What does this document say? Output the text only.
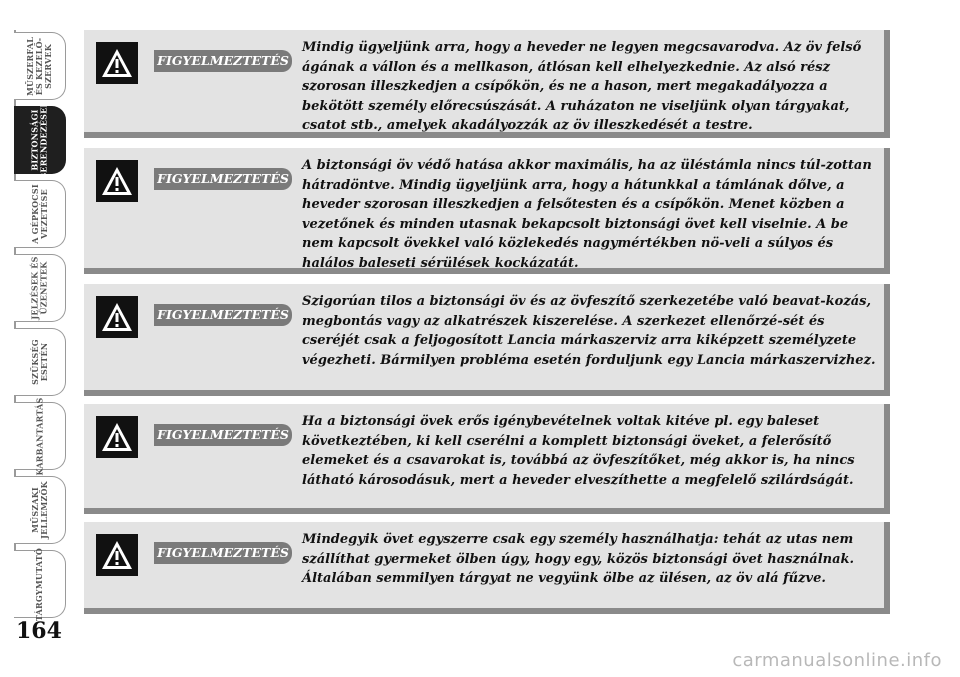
MŰSZERFAL
ÉS KEZELŐ-
SZERVEK
BIZTONSÁGI
BERENDEZÉSEK
A GÉPKOCSI
VEZETÉSE
JELZÉSEK ÉS
ÜZENETEK
SZÜKSÉG
ESETÉN
KARBANTARTÁS
MŰSZAKI
JELLEMZŐK
TÁRGYMUTATÓ
FIGYELMEZTETÉS

Mindig ügyeljünk arra, hogy a heveder ne legyen megcsavarodva. Az öv felső ágának a vállon és a mellkason, átlósan kell elhelyezkednie. Az alsó rész szorosan illeszkedjen a csípőkön, és ne a hason, mert megakadályozza a bekötött személy előrecsúszását. A ruházaton ne viseljünk olyan tárgyakat, csatot stb., amelyek akadályozzák az öv illeszkedését a testre.

FIGYELMEZTETÉS

A biztonsági öv védő hatása akkor maximális, ha az üléstámla nincs túl-zottan hátradöntve. Mindig ügyeljünk arra, hogy a hátunkkal a támlának dőlve, a heveder szorosan illeszkedjen a felsőtesten és a csípőkön. Menet közben a vezetőnek és minden utasnak bekapcsolt biztonsági övet kell viselnie. A be nem kapcsolt övekkel való közlekedés nagymértékben nö-veli a súlyos és halálos baleseti sérülések kockázatát.

FIGYELMEZTETÉS

Szigorúan tilos a biztonsági öv és az övfeszítő szerkezetébe való beavat-kozás, megbontás vagy az alkatrészek kiszerelése. A szerkezet ellenőrzé-sét és cseréjét csak a feljogosított Lancia márkaszerviz arra kiképzett személyzete végezheti. Bármilyen probléma esetén forduljunk egy Lancia márkaszervizhez.

FIGYELMEZTETÉS

Ha a biztonsági övek erős igénybevételnek voltak kitéve pl. egy baleset következtében, ki kell cserélni a komplett biztonsági öveket, a felerősítő elemeket és a csavarokat is, továbbá az övfeszítőket, még akkor is, ha nincs látható károsodásuk, mert a heveder elveszíthette a megfelelő szilárdságát.

FIGYELMEZTETÉS

Mindegyik övet egyszerre csak egy személy használhatja: tehát az utas nem szállíthat gyermeket ölben úgy, hogy egy, közös biztonsági övet használnak. Általában semmilyen tárgyat ne vegyünk ölbe az ülésen, az öv alá fűzve.

164
carmanualsonline.info
